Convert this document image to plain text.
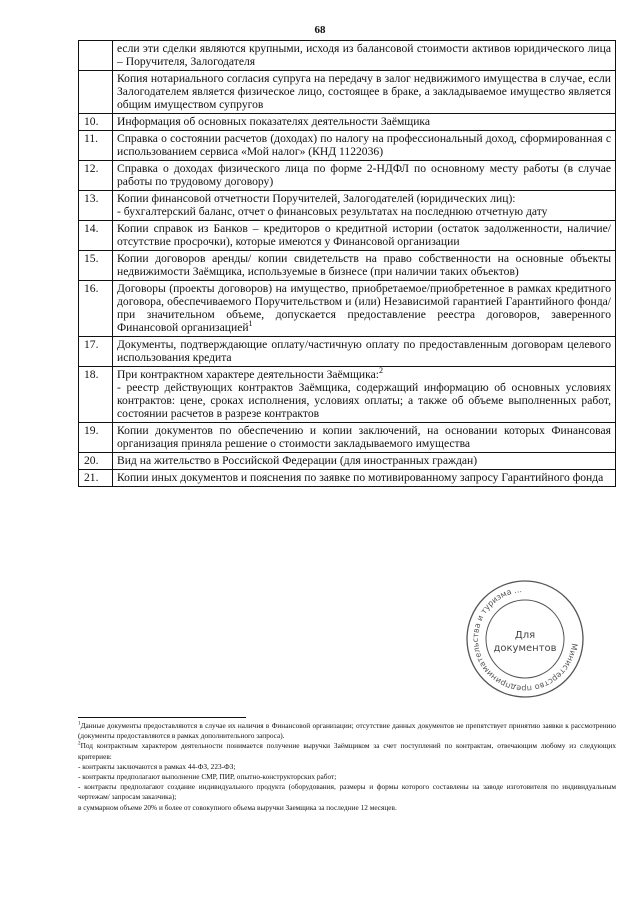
68

	если эти сделки являются крупными, исходя из балансовой стоимости активов юридического лица – Поручителя, Залогодателя

	Копия нотариального согласия супруга на передачу в залог недвижимого имущества в случае, если Залогодателем является физическое лицо, состоящее в браке, а закладываемое имущество является общим имуществом супругов

10.	Информация об основных показателях деятельности Заёмщика

11.	Справка о состоянии расчетов (доходах) по налогу на профессиональный доход, сформированная с использованием сервиса «Мой налог» (КНД 1122036)

12.	Справка о доходах физического лица по форме 2-НДФЛ по основному месту работы (в случае работы по трудовому договору)

13.	Копии финансовой отчетности Поручителей, Залогодателей (юридических лиц):

- бухгалтерский баланс, отчет о финансовых результатах на последнюю отчетную дату

14.	Копии справок из Банков – кредиторов о кредитной истории (остаток задолженности, наличие/отсутствие просрочки), которые имеются у Финансовой организации

15.	Копии договоров аренды/ копии свидетельств на право собственности на основные объекты недвижимости Заёмщика, используемые в бизнесе (при наличии таких объектов)

16.	Договоры (проекты договоров) на имущество, приобретаемое/приобретенное в рамках кредитного договора, обеспечиваемого Поручительством и (или) Независимой гарантией Гарантийного фонда/ при значительном объеме, допускается предоставление реестра договоров, заверенного Финансовой организацией$^1$

17.	Документы, подтверждающие оплату/частичную оплату по предоставленным договорам целевого использования кредита

18.	При контрактном характере деятельности Заёмщика:$^2$

- реестр действующих контрактов Заёмщика, содержащий информацию об основных условиях контрактов: цене, сроках исполнения, условиях оплаты; а также об объеме выполненных работ, состоянии расчетов в разрезе контрактов

19.	Копии документов по обеспечению и копии заключений, на основании которых Финансовая организация приняла решение о стоимости закладываемого имущества

20.	Вид на жительство в Российской Федерации (для иностранных граждан)

21.	Копии иных документов и пояснения по заявке по мотивированному запросу Гарантийного фонда

Министерство предпринимательства и туризма ...
Для
документов

$^1$Данные документы предоставляются в случае их наличия в Финансовой организации; отсутствие данных документов не препятствует принятию заявки к рассмотрению (документы предоставляются в рамках дополнительного запроса).

$^2$Под контрактным характером деятельности понимается получение выручки Заёмщиком за счет поступлений по контрактам, отвечающим любому из следующих критериев:

- контракты заключаются в рамках 44-ФЗ, 223-ФЗ;

- контракты предполагают выполнение СМР, ПИР, опытно-конструкторских работ;

- контракты предполагают создание индивидуального продукта (оборудования, размеры и формы которого составлены на заводе изготовителя по индивидуальным чертежам/ запросам заказчика);

в суммарном объеме 20% и более от совокупного объема выручки Заемщика за последние 12 месяцев.
